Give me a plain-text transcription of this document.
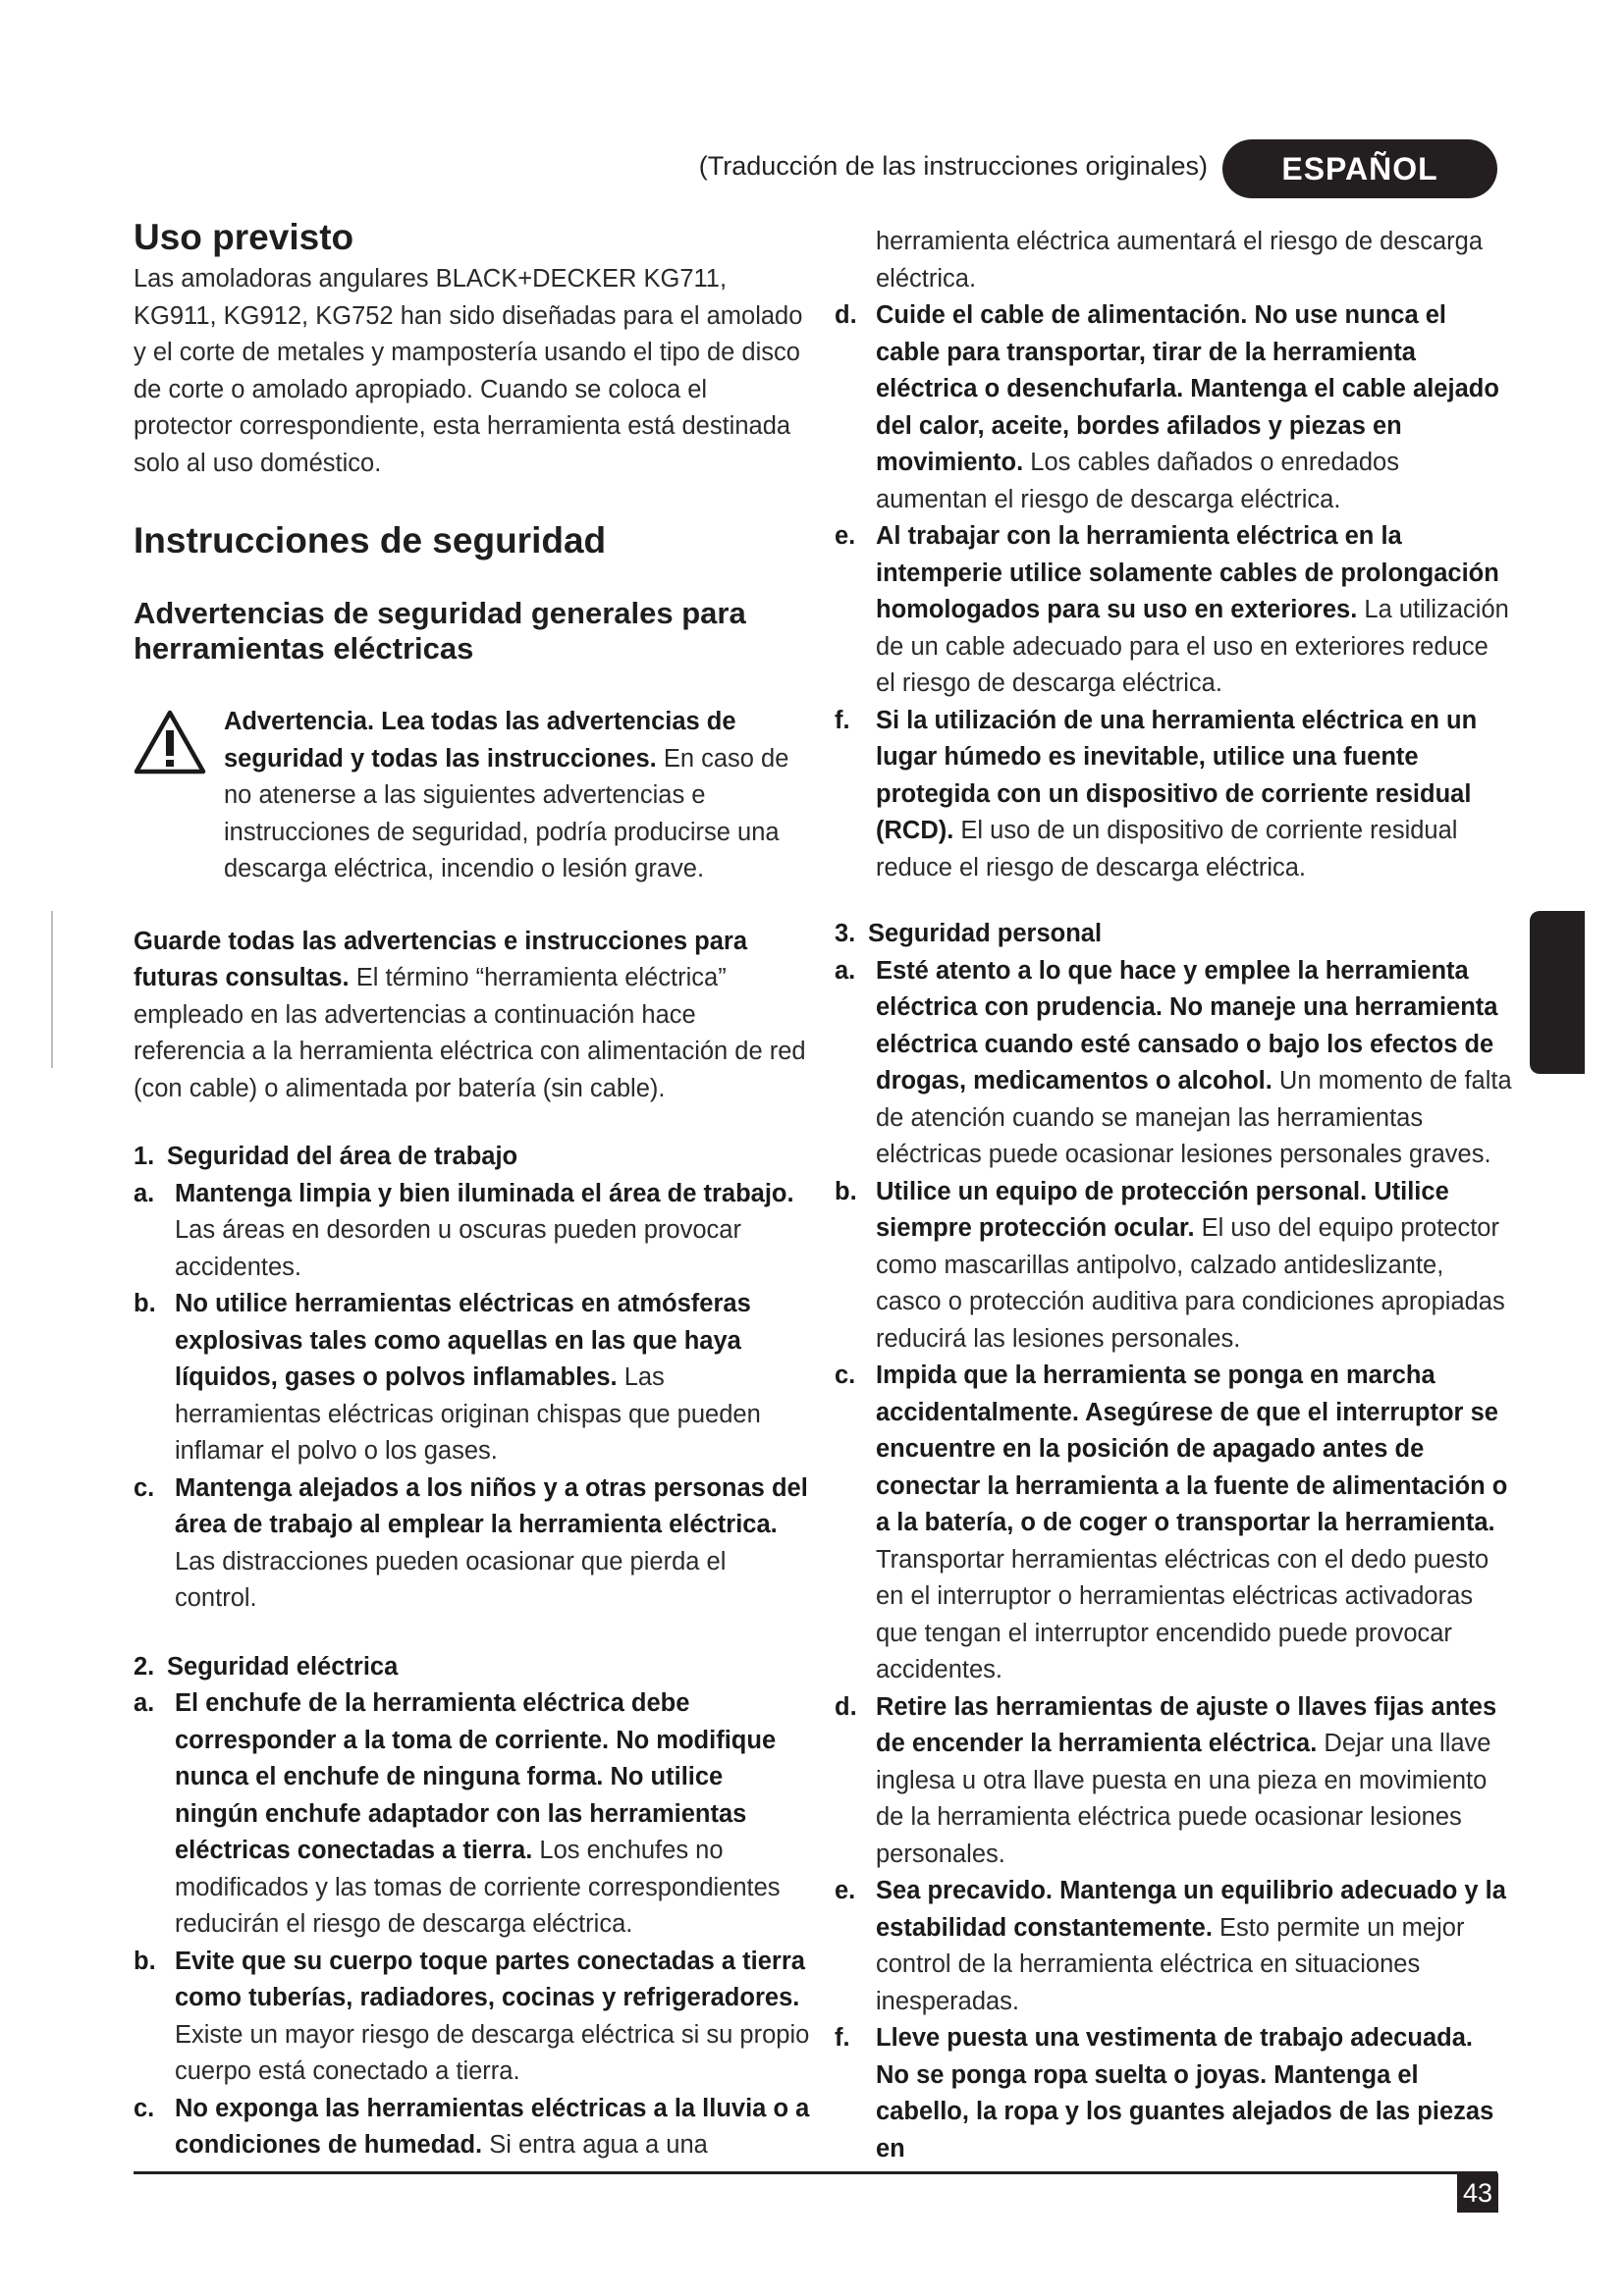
(Traducción de las instrucciones originales)	ESPAÑOL
Uso previsto

Las amoladoras angulares BLACK+DECKER KG711, KG911, KG912, KG752 han sido diseñadas para el amolado y el corte de metales y mampostería usando el tipo de disco de corte o amolado apropiado. Cuando se coloca el protector correspondiente, esta herramienta está destinada solo al uso doméstico.

Instrucciones de seguridad
Advertencias de seguridad generales para herramientas eléctricas

Advertencia. Lea todas las advertencias de seguridad y todas las instrucciones. En caso de no atenerse a las siguientes advertencias e instrucciones de seguridad, podría producirse una descarga eléctrica, incendio o lesión grave.

Guarde todas las advertencias e instrucciones para futuras consultas. El término “herramienta eléctrica” empleado en las advertencias a continuación hace referencia a la herramienta eléctrica con alimentación de red (con cable) o alimentada por batería (sin cable).

1. Seguridad del área de trabajo

a. Mantenga limpia y bien iluminada el área de trabajo. Las áreas en desorden u oscuras pueden provocar accidentes.

b. No utilice herramientas eléctricas en atmósferas explosivas tales como aquellas en las que haya líquidos, gases o polvos inflamables. Las herramientas eléctricas originan chispas que pueden inflamar el polvo o los gases.

c. Mantenga alejados a los niños y a otras personas del área de trabajo al emplear la herramienta eléctrica. Las distracciones pueden ocasionar que pierda el control.

2. Seguridad eléctrica

a. El enchufe de la herramienta eléctrica debe corresponder a la toma de corriente. No modifique nunca el enchufe de ninguna forma. No utilice ningún enchufe adaptador con las herramientas eléctricas conectadas a tierra. Los enchufes no modificados y las tomas de corriente correspondientes reducirán el riesgo de descarga eléctrica.

b. Evite que su cuerpo toque partes conectadas a tierra como tuberías, radiadores, cocinas y refrigeradores. Existe un mayor riesgo de descarga eléctrica si su propio cuerpo está conectado a tierra.

c. No exponga las herramientas eléctricas a la lluvia o a condiciones de humedad. Si entra agua a una

herramienta eléctrica aumentará el riesgo de descarga eléctrica.

d. Cuide el cable de alimentación. No use nunca el cable para transportar, tirar de la herramienta eléctrica o desenchufarla. Mantenga el cable alejado del calor, aceite, bordes afilados y piezas en movimiento. Los cables dañados o enredados aumentan el riesgo de descarga eléctrica.

e. Al trabajar con la herramienta eléctrica en la intemperie utilice solamente cables de prolongación homologados para su uso en exteriores. La utilización de un cable adecuado para el uso en exteriores reduce el riesgo de descarga eléctrica.

f. Si la utilización de una herramienta eléctrica en un lugar húmedo es inevitable, utilice una fuente protegida con un dispositivo de corriente residual (RCD). El uso de un dispositivo de corriente residual reduce el riesgo de descarga eléctrica.

3. Seguridad personal

a. Esté atento a lo que hace y emplee la herramienta eléctrica con prudencia. No maneje una herramienta eléctrica cuando esté cansado o bajo los efectos de drogas, medicamentos o alcohol. Un momento de falta de atención cuando se manejan las herramientas eléctricas puede ocasionar lesiones personales graves.

b. Utilice un equipo de protección personal. Utilice siempre protección ocular. El uso del equipo protector como mascarillas antipolvo, calzado antideslizante, casco o protección auditiva para condiciones apropiadas reducirá las lesiones personales.

c. Impida que la herramienta se ponga en marcha accidentalmente. Asegúrese de que el interruptor se encuentre en la posición de apagado antes de conectar la herramienta a la fuente de alimentación o a la batería, o de coger o transportar la herramienta. Transportar herramientas eléctricas con el dedo puesto en el interruptor o herramientas eléctricas activadoras que tengan el interruptor encendido puede provocar accidentes.

d. Retire las herramientas de ajuste o llaves fijas antes de encender la herramienta eléctrica. Dejar una llave inglesa u otra llave puesta en una pieza en movimiento de la herramienta eléctrica puede ocasionar lesiones personales.

e. Sea precavido. Mantenga un equilibrio adecuado y la estabilidad constantemente. Esto permite un mejor control de la herramienta eléctrica en situaciones inesperadas.

f. Lleve puesta una vestimenta de trabajo adecuada. No se ponga ropa suelta o joyas. Mantenga el cabello, la ropa y los guantes alejados de las piezas en

43
